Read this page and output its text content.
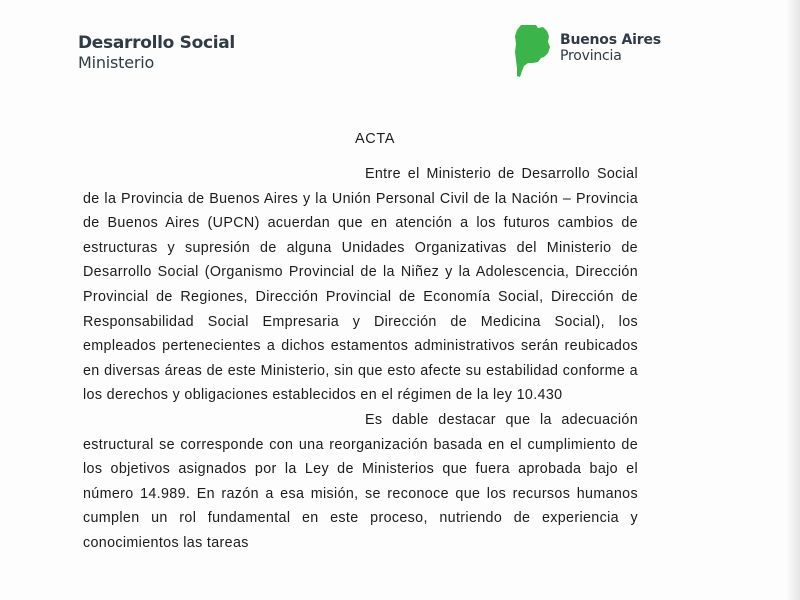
Desarrollo Social
Ministerio
Buenos Aires
Provincia
ACTA

Entre el Ministerio de Desarrollo Social de la Provincia de Buenos Aires y la Unión Personal Civil de la Nación – Provincia de Buenos Aires (UPCN) acuerdan que en atención a los futuros cambios de estructuras y supresión de alguna Unidades Organizativas del Ministerio de Desarrollo Social (Organismo Provincial de la Niñez y la Adolescencia, Dirección Provincial de Regiones, Dirección Provincial de Economía Social, Dirección de Responsabilidad Social Empresaria y Dirección de Medicina Social), los empleados pertenecientes a dichos estamentos administrativos serán reubicados en diversas áreas de este Ministerio, sin que esto afecte su estabilidad conforme a los derechos y obligaciones establecidos en el régimen de la ley 10.430

Es dable destacar que la adecuación estructural se corresponde con una reorganización basada en el cumplimiento de los objetivos asignados por la Ley de Ministerios que fuera aprobada bajo el número 14.989. En razón a esa misión, se reconoce que los recursos humanos cumplen un rol fundamental en este proceso, nutriendo de experiencia y conocimientos las tareas
